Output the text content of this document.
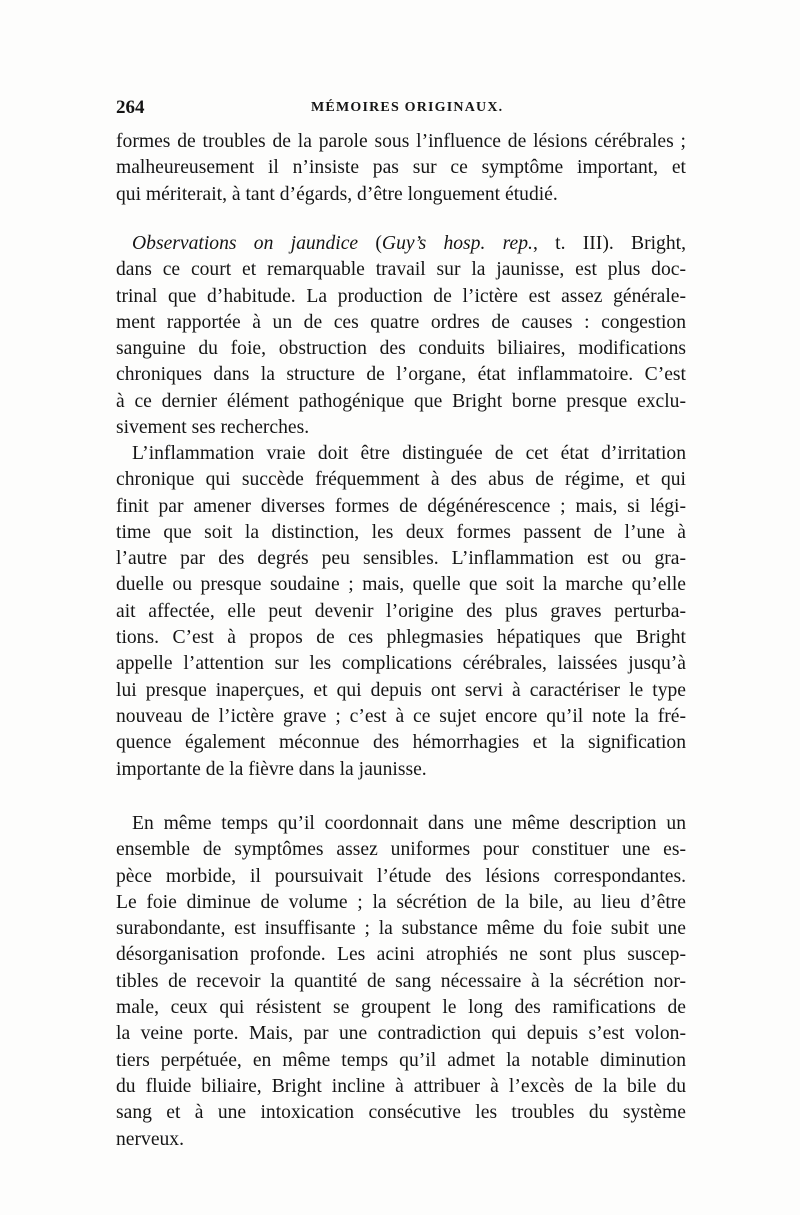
264	MÉMOIRES ORIGINAUX.
formes de troubles de la parole sous l’influence de lésions cérébrales ;
malheureusement il n’insiste pas sur ce symptôme important, et
qui mériterait, à tant d’égards, d’être longuement étudié.
Observations on jaundice (Guy’s hosp. rep., t. III). Bright,
dans ce court et remarquable travail sur la jaunisse, est plus doc-
trinal que d’habitude. La production de l’ictère est assez générale-
ment rapportée à un de ces quatre ordres de causes : congestion
sanguine du foie, obstruction des conduits biliaires, modifications
chroniques dans la structure de l’organe, état inflammatoire. C’est
à ce dernier élément pathogénique que Bright borne presque exclu-
sivement ses recherches.
L’inflammation vraie doit être distinguée de cet état d’irritation
chronique qui succède fréquemment à des abus de régime, et qui
finit par amener diverses formes de dégénérescence ; mais, si légi-
time que soit la distinction, les deux formes passent de l’une à
l’autre par des degrés peu sensibles. L’inflammation est ou gra-
duelle ou presque soudaine ; mais, quelle que soit la marche qu’elle
ait affectée, elle peut devenir l’origine des plus graves perturba-
tions. C’est à propos de ces phlegmasies hépatiques que Bright
appelle l’attention sur les complications cérébrales, laissées jusqu’à
lui presque inaperçues, et qui depuis ont servi à caractériser le type
nouveau de l’ictère grave ; c’est à ce sujet encore qu’il note la fré-
quence également méconnue des hémorrhagies et la signification
importante de la fièvre dans la jaunisse.
En même temps qu’il coordonnait dans une même description un
ensemble de symptômes assez uniformes pour constituer une es-
pèce morbide, il poursuivait l’étude des lésions correspondantes.
Le foie diminue de volume ; la sécrétion de la bile, au lieu d’être
surabondante, est insuffisante ; la substance même du foie subit une
désorganisation profonde. Les acini atrophiés ne sont plus suscep-
tibles de recevoir la quantité de sang nécessaire à la sécrétion nor-
male, ceux qui résistent se groupent le long des ramifications de
la veine porte. Mais, par une contradiction qui depuis s’est volon-
tiers perpétuée, en même temps qu’il admet la notable diminution
du fluide biliaire, Bright incline à attribuer à l’excès de la bile du
sang et à une intoxication consécutive les troubles du système
nerveux.
